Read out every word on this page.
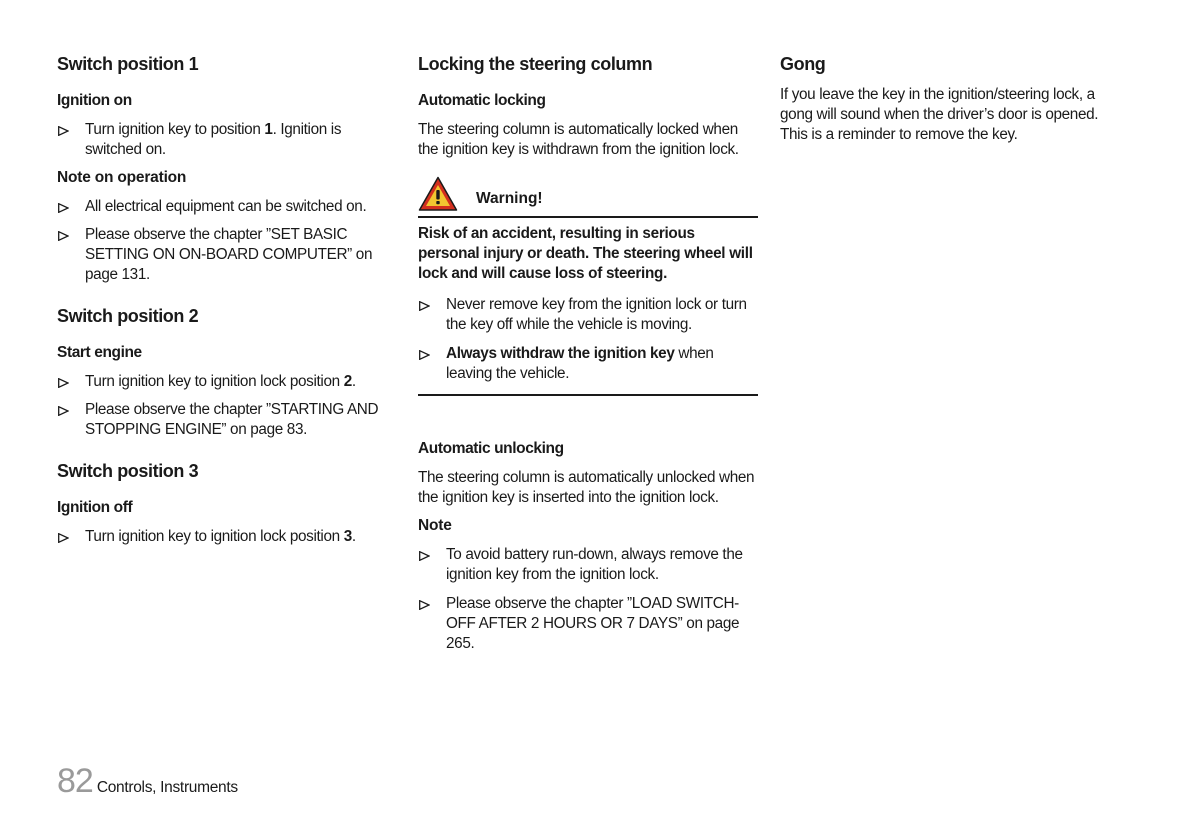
Switch position 1
Ignition on
Turn ignition key to position 1. Ignition is switched on.
Note on operation
All electrical equipment can be switched on.
Please observe the chapter ”SET BASIC SETTING ON ON-BOARD COMPUTER” on page 131.
Switch position 2
Start engine
Turn ignition key to ignition lock position 2.
Please observe the chapter ”STARTING AND STOPPING ENGINE” on page 83.
Switch position 3
Ignition off
Turn ignition key to ignition lock position 3.
Locking the steering column
Automatic locking

The steering column is automatically locked when the ignition key is withdrawn from the ignition lock.

Warning!

Risk of an accident, resulting in serious personal injury or death. The steering wheel will lock and will cause loss of steering.

Never remove key from the ignition lock or turn the key off while the vehicle is moving.
Always withdraw the ignition key when leaving the vehicle.
Automatic unlocking

The steering column is automatically unlocked when the ignition key is inserted into the ignition lock.

Note
To avoid battery run-down, always remove the ignition key from the ignition lock.
Please observe the chapter ”LOAD SWITCH-OFF AFTER 2 HOURS OR 7 DAYS” on page 265.
Gong

If you leave the key in the ignition/steering lock, a gong will sound when the driver’s door is opened. This is a reminder to remove the key.

82 Controls, Instruments
